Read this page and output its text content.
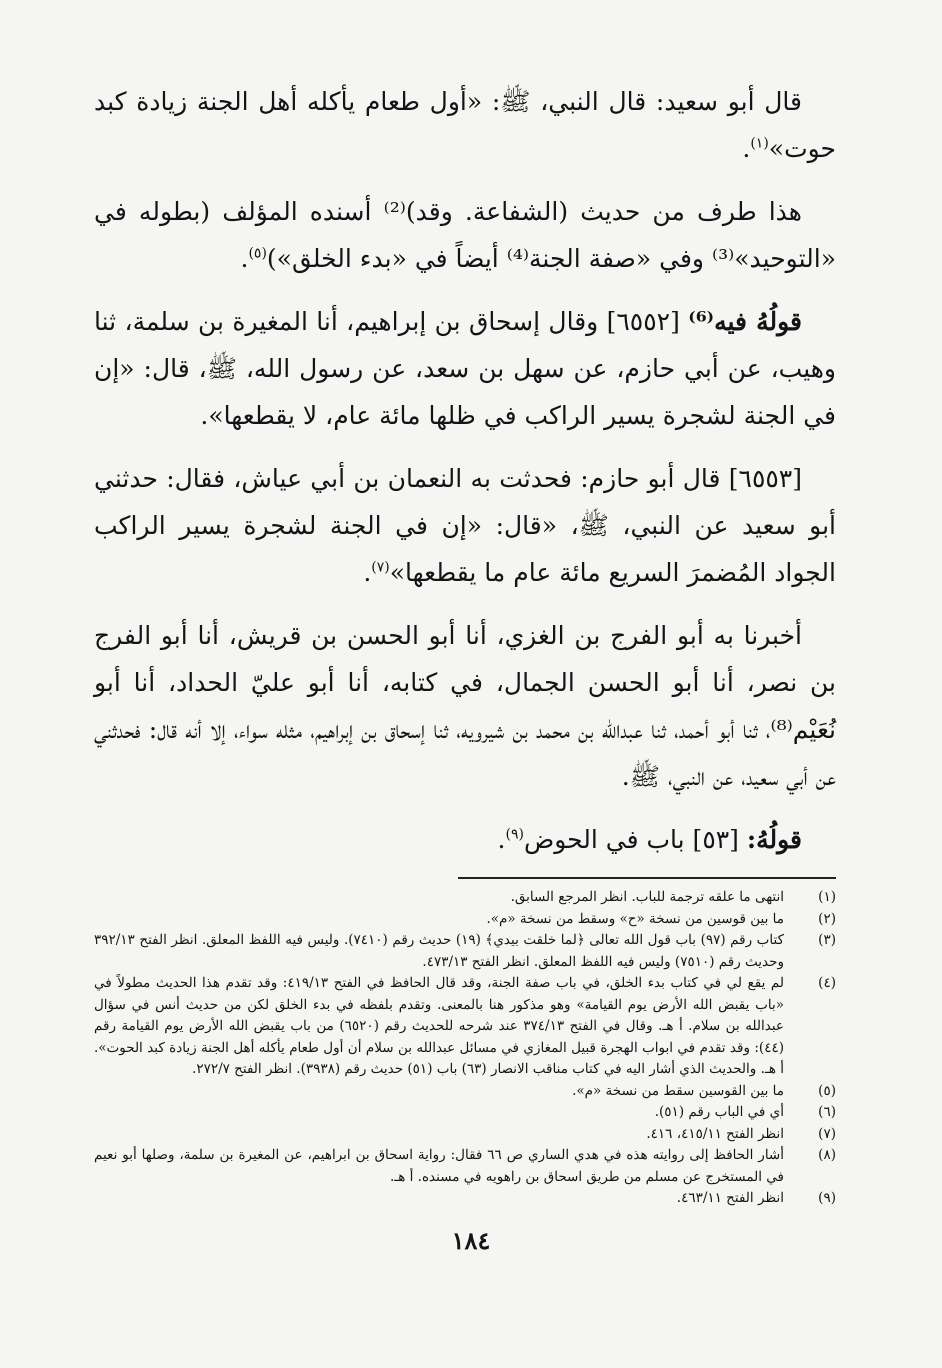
قال أبو سعيد: قال النبي، ﷺ: «أول طعام يأكله أهل الجنة زيادة كبد حوت»$^{(١)}$.

هذا طرف من حديث (الشفاعة. وقد)⁽²⁾ أسنده المؤلف (بطوله في «التوحيد»⁽³⁾ وفي «صفة الجنة⁽⁴⁾ أيضاً في «بدء الخلق»)$^{(٥)}$.

قولُهُ فيه⁽⁶⁾ [٦٥٥٢] وقال إسحاق بن إبراهيم، أنا المغيرة بن سلمة، ثنا وهيب، عن أبي حازم، عن سهل بن سعد، عن رسول الله، ﷺ، قال: «إن في الجنة لشجرة يسير الراكب في ظلها مائة عام، لا يقطعها».

[٦٥٥٣] قال أبو حازم: فحدثت به النعمان بن أبي عياش، فقال: حدثني أبو سعيد عن النبي، ﷺ، «قال: «إن في الجنة لشجرة يسير الراكب الجواد المُضمرَ السريع مائة عام ما يقطعها»$^{(٧)}$.

أخبرنا به أبو الفرج بن الغزي، أنا أبو الحسن بن قريش، أنا أبو الفرج بن نصر، أنا أبو الحسن الجمال، في كتابه، أنا أبو عليّ الحداد، أنا أبو نُعَيْم⁽⁸⁾، ثنا أبو أحمد، ثنا عبدالله بن محمد بن شيرويه، ثنا إسحاق بن إبراهيم، مثله سواء، إلا أنه قال: فحدثني عن أبي سعيد، عن النبي، ﷺ.

قولُهُ: [٥٣] باب في الحوض$^{(٩)}$.

(١)
انتهى ما علقه ترجمة للباب. انظر المرجع السابق.
(٢)
ما بين قوسين من نسخة «ح» وسقط من نسخة «م».
(٣)
كتاب رقم (٩٧) باب قول الله تعالى ﴿لما خلقت بيدي﴾ (١٩) حديث رقم (٧٤١٠). وليس فيه اللفظ المعلق. انظر الفتح ٣٩٢/١٣ وحديث رقم (٧٥١٠) وليس فيه اللفظ المعلق. انظر الفتح ٤٧٣/١٣.
(٤)
لم يقع لي في كتاب بدء الخلق، في باب صفة الجنة، وقد قال الحافظ في الفتح ٤١٩/١٣: وقد تقدم هذا الحديث مطولاً في «باب يقبض الله الأرض يوم القيامة» وهو مذكور هنا بالمعنى. وتقدم بلفظه في بدء الخلق لكن من حديث أنس في سؤال عبدالله بن سلام. أ هـ. وقال في الفتح ٣٧٤/١٣ عند شرحه للحديث رقم (٦٥٢٠) من باب يقبض الله الأرض يوم القيامة رقم (٤٤): وقد تقدم في ابواب الهجرة قبيل المغازي في مسائل عبدالله بن سلام أن أول طعام يأكله أهل الجنة زيادة كبد الحوت». أ هـ. والحديث الذي أشار اليه في كتاب مناقب الانصار (٦٣) باب (٥١) حديث رقم (٣٩٣٨). انظر الفتح ٢٧٢/٧.
(٥)
ما بين القوسين سقط من نسخة «م».
(٦)
أي في الباب رقم (٥١).
(٧)
انظر الفتح ٤١٥/١١، ٤١٦.
(٨)
أشار الحافظ إلى روايته هذه في هدي الساري ص ٦٦ فقال: رواية اسحاق بن ابراهيم، عن المغيرة بن سلمة، وصلها أبو نعيم في المستخرج عن مسلم من طريق اسحاق بن راهويه في مسنده. أ هـ.
(٩)
انظر الفتح ٤٦٣/١١.
١٨٤
